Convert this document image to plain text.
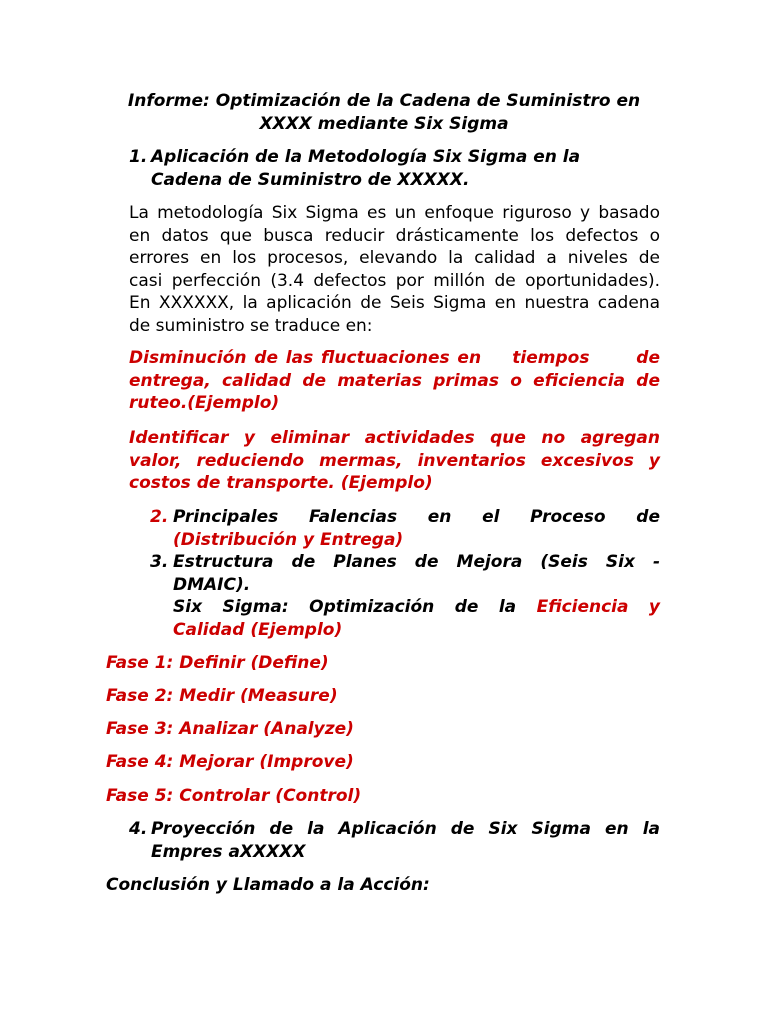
Informe: Optimización de la Cadena de Suministro en
XXXX mediante Six Sigma
1. Aplicación de la Metodología Six Sigma en la
Cadena de Suministro de XXXXX.
La metodología Six Sigma es un enfoque riguroso y basado
en datos que busca reducir drásticamente los defectos o
errores en los procesos, elevando la calidad a niveles de
casi perfección (3.4 defectos por millón de oportunidades).
En XXXXXX, la aplicación de Seis Sigma en nuestra cadena
de suministro se traduce en:
Disminución de las fluctuaciones en    tiempos      de
entrega, calidad de materias primas o eficiencia de
ruteo.(Ejemplo)
Identificar y eliminar actividades que no agregan
valor, reduciendo mermas, inventarios excesivos y
costos de transporte. (Ejemplo)
2. Principales Falencias en el Proceso de
(Distribución y Entrega)
3. Estructura de Planes de Mejora (Seis Six -
DMAIC).
Six Sigma: Optimización de la Eficiencia y
Calidad (Ejemplo)
Fase 1: Definir (Define)
Fase 2: Medir (Measure)
Fase 3: Analizar (Analyze)
Fase 4: Mejorar (Improve)
Fase 5: Controlar (Control)
4. Proyección de la Aplicación de Six Sigma en la
Empres aXXXXX
Conclusión y Llamado a la Acción:
